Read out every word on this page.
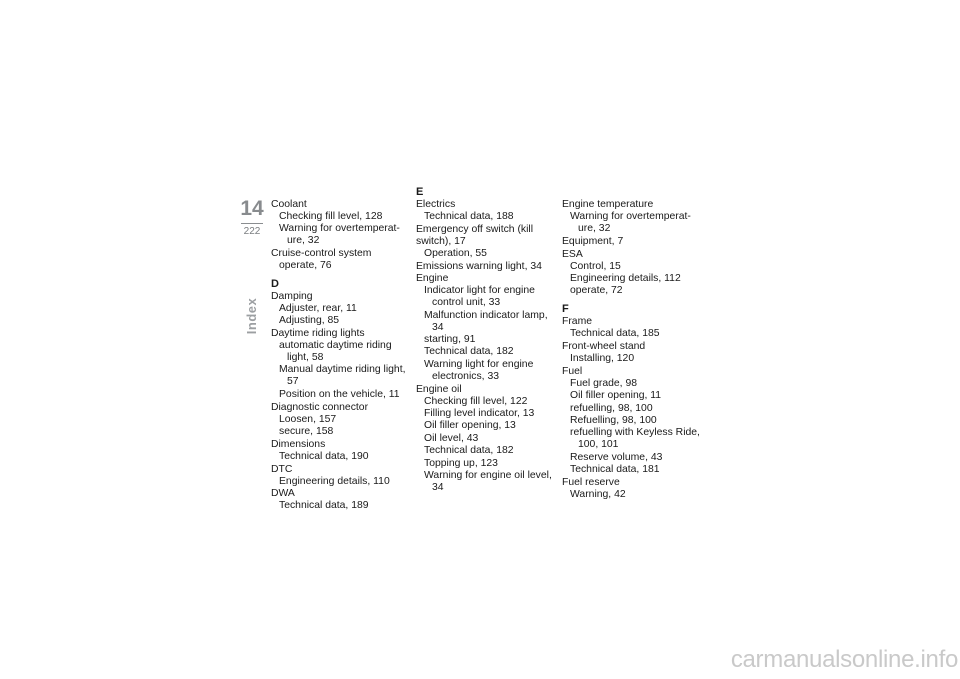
14
222
Index
Coolant
Checking fill level, 128
Warning for overtemperat-ure, 32
Cruise-control system
operate, 76
D
Damping
Adjuster, rear, 11
Adjusting, 85
Daytime riding lights
automatic daytime riding light, 58
Manual daytime riding light, 57
Position on the vehicle, 11
Diagnostic connector
Loosen, 157
secure, 158
Dimensions
Technical data, 190
DTC
Engineering details, 110
DWA
Technical data, 189
E
Electrics
Technical data, 188
Emergency off switch (kill switch), 17
Operation, 55
Emissions warning light, 34
Engine
Indicator light for engine control unit, 33
Malfunction indicator lamp, 34
starting, 91
Technical data, 182
Warning light for engine electronics, 33
Engine oil
Checking fill level, 122
Filling level indicator, 13
Oil filler opening, 13
Oil level, 43
Technical data, 182
Topping up, 123
Warning for engine oil level, 34
Engine temperature
Warning for overtemperat-ure, 32
Equipment, 7
ESA
Control, 15
Engineering details, 112
operate, 72
F
Frame
Technical data, 185
Front-wheel stand
Installing, 120
Fuel
Fuel grade, 98
Oil filler opening, 11
refuelling, 98, 100
Refuelling, 98, 100
refuelling with Keyless Ride, 100, 101
Reserve volume, 43
Technical data, 181
Fuel reserve
Warning, 42
carmanualsonline.info
